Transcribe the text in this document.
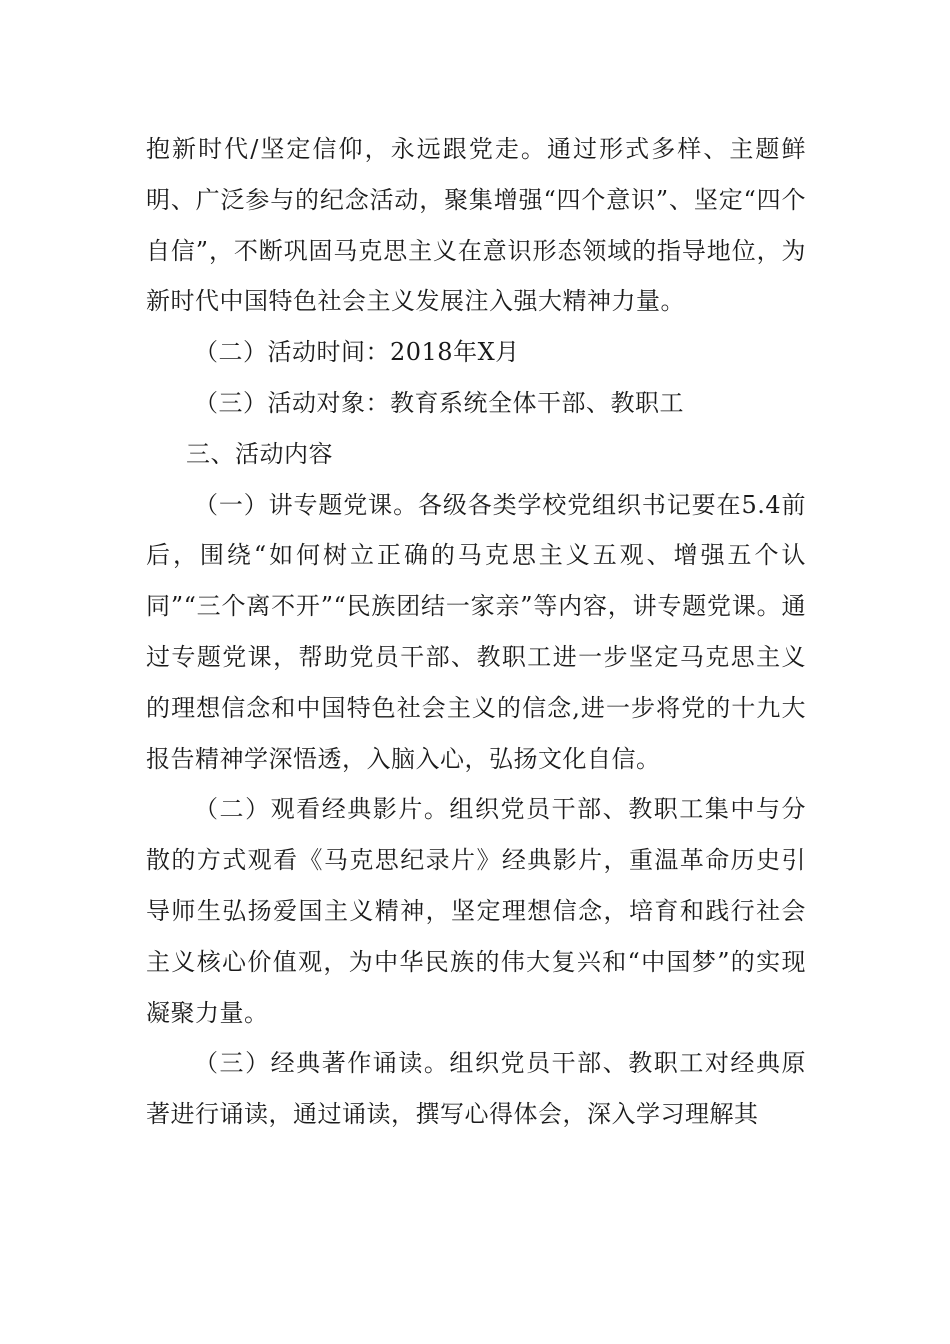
抱新时代/坚定信仰，永远跟党走。通过形式多样、主题鲜明、广泛参与的纪念活动，聚集增强“四个意识”、坚定“四个自信”，不断巩固马克思主义在意识形态领域的指导地位，为新时代中国特色社会主义发展注入强大精神力量。

（二）活动时间：2018年X月

（三）活动对象：教育系统全体干部、教职工

三、活动内容

（一）讲专题党课。各级各类学校党组织书记要在5.4前后，围绕“如何树立正确的马克思主义五观、增强五个认同”“三个离不开”“民族团结一家亲”等内容，讲专题党课。通过专题党课，帮助党员干部、教职工进一步坚定马克思主义的理想信念和中国特色社会主义的信念,进一步将党的十九大报告精神学深悟透，入脑入心，弘扬文化自信。

（二）观看经典影片。组织党员干部、教职工集中与分散的方式观看《马克思纪录片》经典影片，重温革命历史引导师生弘扬爱国主义精神，坚定理想信念，培育和践行社会主义核心价值观，为中华民族的伟大复兴和“中国梦”的实现凝聚力量。

（三）经典著作诵读。组织党员干部、教职工对经典原著进行诵读，通过诵读，撰写心得体会，深入学习理解其
